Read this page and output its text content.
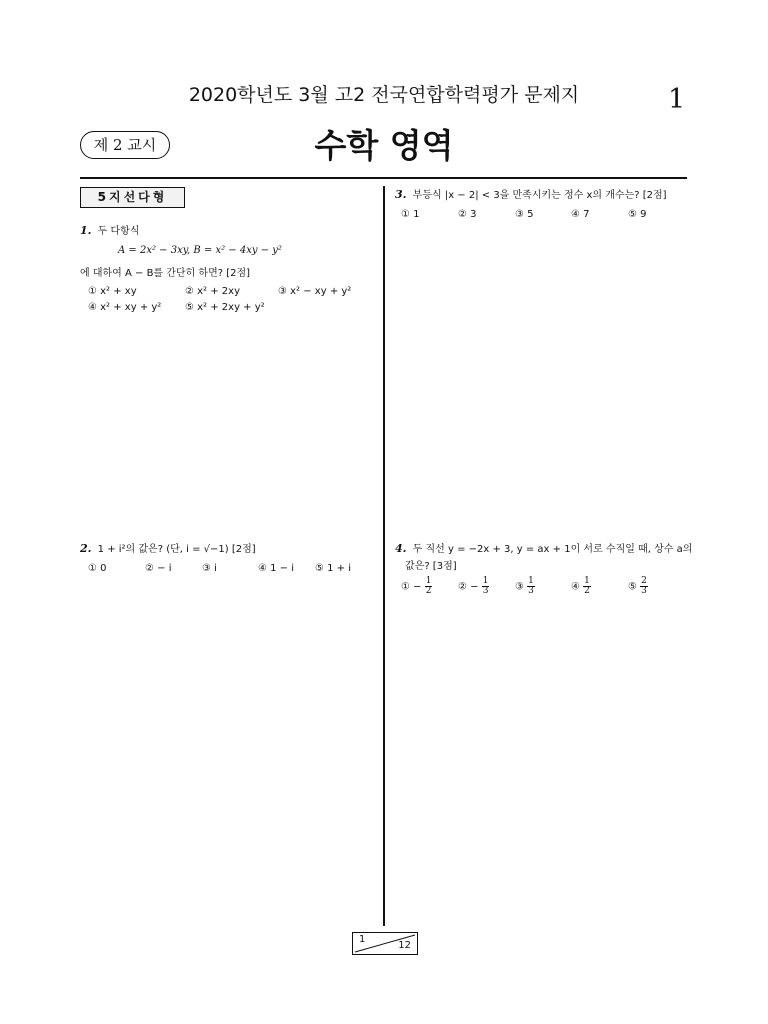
2020학년도 3월 고2 전국연합학력평가 문제지	1
제 2 교시	수학 영역
5지선다형
1. 두 다항식
A = 2x² − 3xy, B = x² − 4xy − y²
에 대하여 A − B를 간단히 하면? [2점]
① x² + xy	② x² + 2xy	③ x² − xy + y²
④ x² + xy + y² ⑤ x² + 2xy + y²
2. 1 + i²의 값은? (단, i = √−1) [2점]
① 0	② − i	③ i	④ 1 − i ⑤ 1 + i
3. 부등식 |x − 2| < 3을 만족시키는 정수 x의 개수는? [2점]
① 1	② 3	③ 5	④ 7	⑤ 9
4. 두 직선 y = −2x + 3, y = ax + 1이 서로 수직일 때, 상수 a의
값은? [3점]
① − $\frac{1}{2}$	② − $\frac{1}{3}$	③ $\frac{1}{3}$	④ $\frac{1}{2}$	⑤ $\frac{2}{3}$
1
12
